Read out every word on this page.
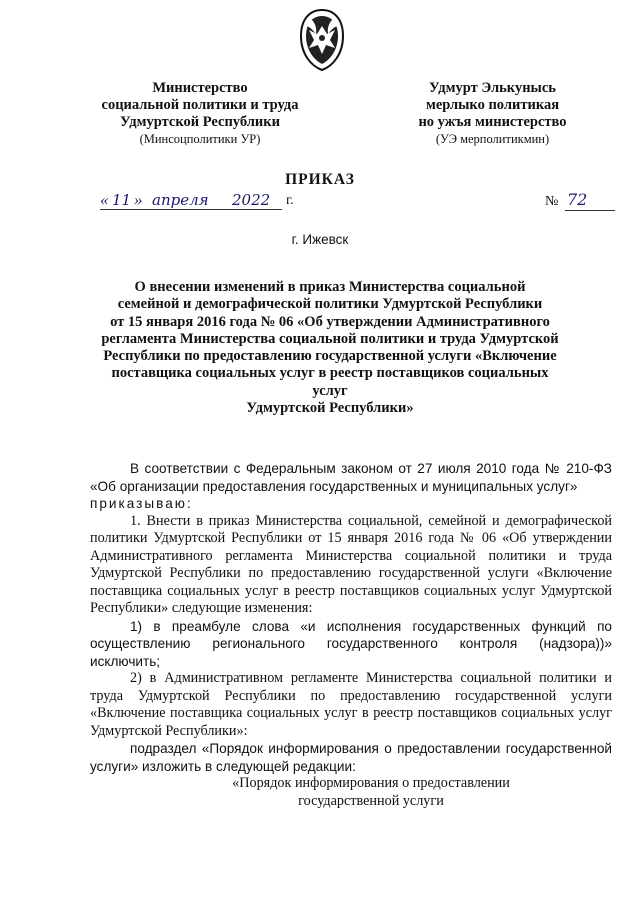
Министерство
социальной политики и труда
Удмуртской Республики
(Минсоцполитики УР)
Удмурт Элькунысь
мерлыко политикая
но ужъя министерство
(УЭ мерполитикмин)
ПРИКАЗ
« 11 » апреля 2022 г.	№ 72
г. Ижевск
О внесении изменений в приказ Министерства социальной
семейной и демографической политики Удмуртской Республики
от 15 января 2016 года № 06 «Об утверждении Административного
регламента Министерства социальной политики и труда Удмуртской
Республики по предоставлению государственной услуги «Включение
поставщика социальных услуг в реестр поставщиков социальных услуг
Удмуртской Республики»

В соответствии с Федеральным законом от 27 июля 2010 года № 210-ФЗ «Об организации предоставления государственных и муниципальных услуг»

приказываю:

1. Внести в приказ Министерства социальной, семейной и демографической политики Удмуртской Республики от 15 января 2016 года № 06 «Об утверждении Административного регламента Министерства социальной политики и труда Удмуртской Республики по предоставлению государственной услуги «Включение поставщика социальных услуг в реестр поставщиков социальных услуг Удмуртской Республики» следующие изменения:

1) в преамбуле слова «и исполнения государственных функций по осуществлению регионального государственного контроля (надзора))» исключить;

2) в Административном регламенте Министерства социальной политики и труда Удмуртской Республики по предоставлению государственной услуги «Включение поставщика социальных услуг в реестр поставщиков социальных услуг Удмуртской Республики»:

подраздел «Порядок информирования о предоставлении государственной услуги» изложить в следующей редакции:

«Порядок информирования о предоставлении

государственной услуги
